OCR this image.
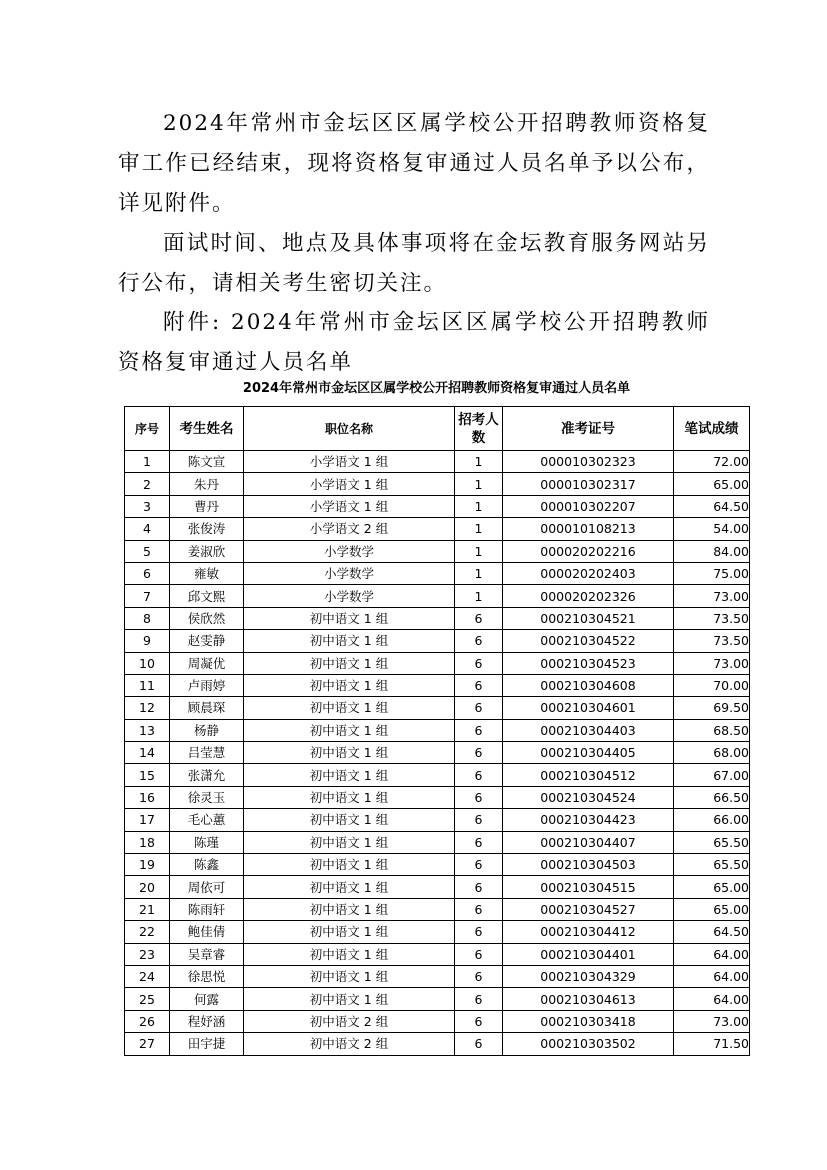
2024年常州市金坛区区属学校公开招聘教师资格复审工作已经结束，现将资格复审通过人员名单予以公布，详见附件。

面试时间、地点及具体事项将在金坛教育服务网站另行公布，请相关考生密切关注。

附件: 2024年常州市金坛区区属学校公开招聘教师资格复审通过人员名单

2024年常州市金坛区区属学校公开招聘教师资格复审通过人员名单
序号	考生姓名	职位名称	招考人数	准考证号	笔试成绩
1	陈文宣	小学语文 1 组	1	000010302323	72.00
2	朱丹	小学语文 1 组	1	000010302317	65.00
3	曹丹	小学语文 1 组	1	000010302207	64.50
4	张俊涛	小学语文 2 组	1	000010108213	54.00
5	姜淑欣	小学数学	1	000020202216	84.00
6	雍敏	小学数学	1	000020202403	75.00
7	邱文熙	小学数学	1	000020202326	73.00
8	侯欣然	初中语文 1 组	6	000210304521	73.50
9	赵雯静	初中语文 1 组	6	000210304522	73.50
10	周凝优	初中语文 1 组	6	000210304523	73.00
11	卢雨婷	初中语文 1 组	6	000210304608	70.00
12	顾晨琛	初中语文 1 组	6	000210304601	69.50
13	杨静	初中语文 1 组	6	000210304403	68.50
14	吕莹慧	初中语文 1 组	6	000210304405	68.00
15	张潇允	初中语文 1 组	6	000210304512	67.00
16	徐灵玉	初中语文 1 组	6	000210304524	66.50
17	毛心蕙	初中语文 1 组	6	000210304423	66.00
18	陈瑾	初中语文 1 组	6	000210304407	65.50
19	陈鑫	初中语文 1 组	6	000210304503	65.50
20	周依可	初中语文 1 组	6	000210304515	65.00
21	陈雨轩	初中语文 1 组	6	000210304527	65.00
22	鲍佳倩	初中语文 1 组	6	000210304412	64.50
23	吴章睿	初中语文 1 组	6	000210304401	64.00
24	徐思悦	初中语文 1 组	6	000210304329	64.00
25	何露	初中语文 1 组	6	000210304613	64.00
26	程妤涵	初中语文 2 组	6	000210303418	73.00
27	田宇捷	初中语文 2 组	6	000210303502	71.50
